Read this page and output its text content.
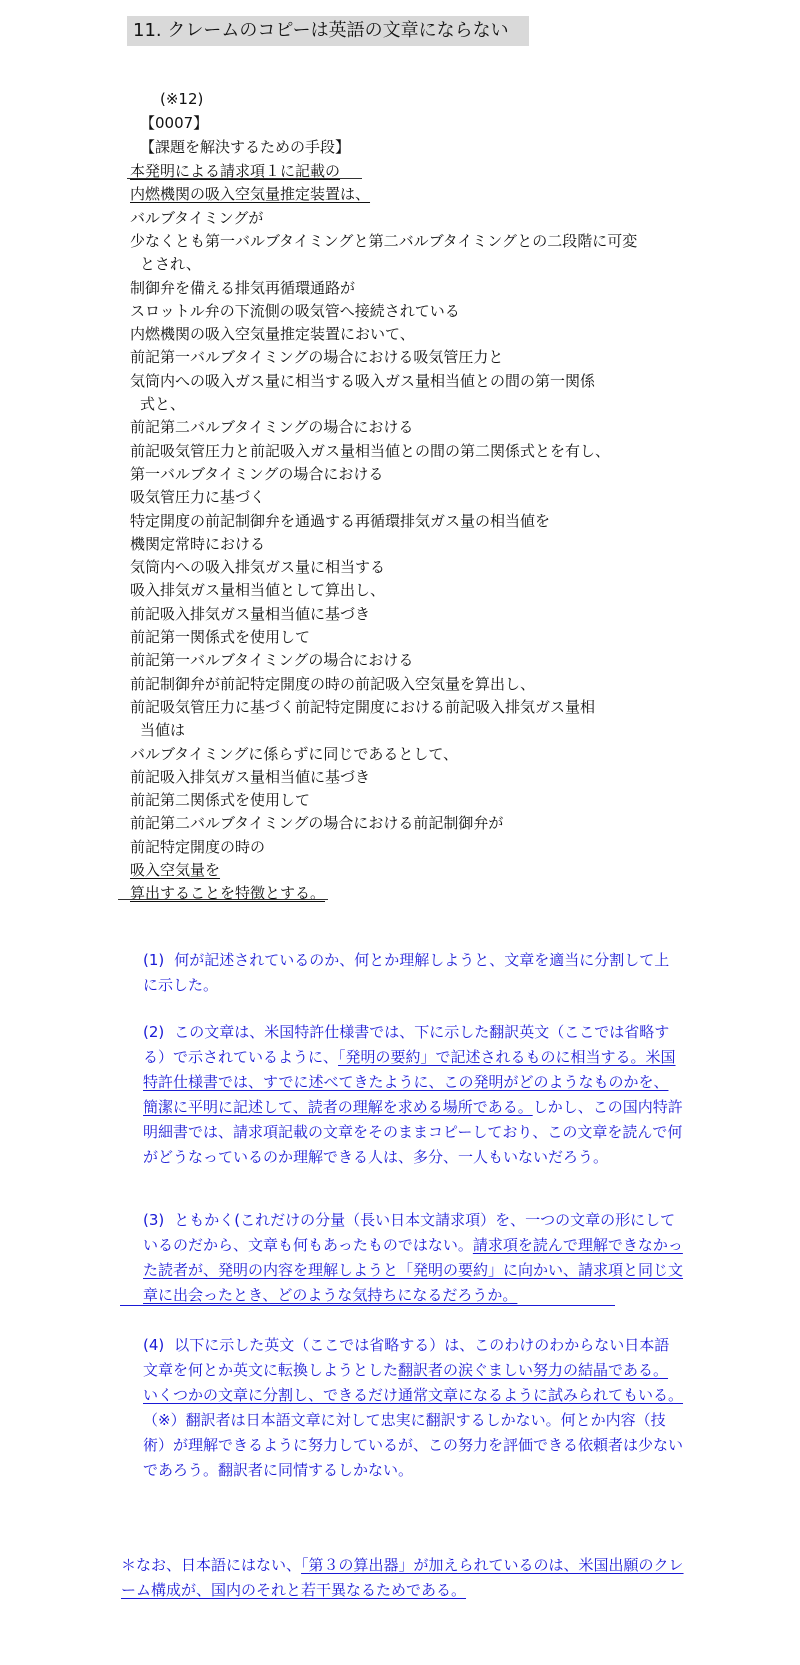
11. クレームのコピーは英語の文章にならない
(※12)
【0007】
【課題を解決するための手段】
本発明による請求項１に記載の
内燃機関の吸入空気量推定装置は、
バルブタイミングが
少なくとも第一バルブタイミングと第二バルブタイミングとの二段階に可変
とされ、
制御弁を備える排気再循環通路が
スロットル弁の下流側の吸気管へ接続されている
内燃機関の吸入空気量推定装置において、
前記第一バルブタイミングの場合における吸気管圧力と
気筒内への吸入ガス量に相当する吸入ガス量相当値との間の第一関係
式と、
前記第二バルブタイミングの場合における
前記吸気管圧力と前記吸入ガス量相当値との間の第二関係式とを有し、
第一バルブタイミングの場合における
吸気管圧力に基づく
特定開度の前記制御弁を通過する再循環排気ガス量の相当値を
機関定常時における
気筒内への吸入排気ガス量に相当する
吸入排気ガス量相当値として算出し、
前記吸入排気ガス量相当値に基づき
前記第一関係式を使用して
前記第一バルブタイミングの場合における
前記制御弁が前記特定開度の時の前記吸入空気量を算出し、
前記吸気管圧力に基づく前記特定開度における前記吸入排気ガス量相
当値は
バルブタイミングに係らずに同じであるとして、
前記吸入排気ガス量相当値に基づき
前記第二関係式を使用して
前記第二バルブタイミングの場合における前記制御弁が
前記特定開度の時の
吸入空気量を
算出することを特徴とする。

(1) 何が記述されているのか、何とか理解しようと、文章を適当に分割して上に示した。

(2) この文章は、米国特許仕様書では、下に示した翻訳英文（ここでは省略する）で示されているように、「発明の要約」で記述されるものに相当する。米国特許仕様書では、すでに述べてきたように、この発明がどのようなものかを、簡潔に平明に記述して、読者の理解を求める場所である。しかし、この国内特許明細書では、請求項記載の文章をそのままコピーしており、この文章を読んで何がどうなっているのか理解できる人は、多分、一人もいないだろう。

(3) ともかく(これだけの分量（長い日本文請求項）を、一つの文章の形にしているのだから、文章も何もあったものではない。請求項を読んで理解できなかった読者が、発明の内容を理解しようと「発明の要約」に向かい、請求項と同じ文章に出会ったとき、どのような気持ちになるだろうか。

(4) 以下に示した英文（ここでは省略する）は、このわけのわからない日本語文章を何とか英文に転換しようとした翻訳者の涙ぐましい努力の結晶である。いくつかの文章に分割し、できるだけ通常文章になるように試みられてもいる。（※）翻訳者は日本語文章に対して忠実に翻訳するしかない。何とか内容（技術）が理解できるように努力しているが、この努力を評価できる依頼者は少ないであろう。翻訳者に同情するしかない。

＊なお、日本語にはない、「第３の算出器」が加えられているのは、米国出願のクレーム構成が、国内のそれと若干異なるためである。
